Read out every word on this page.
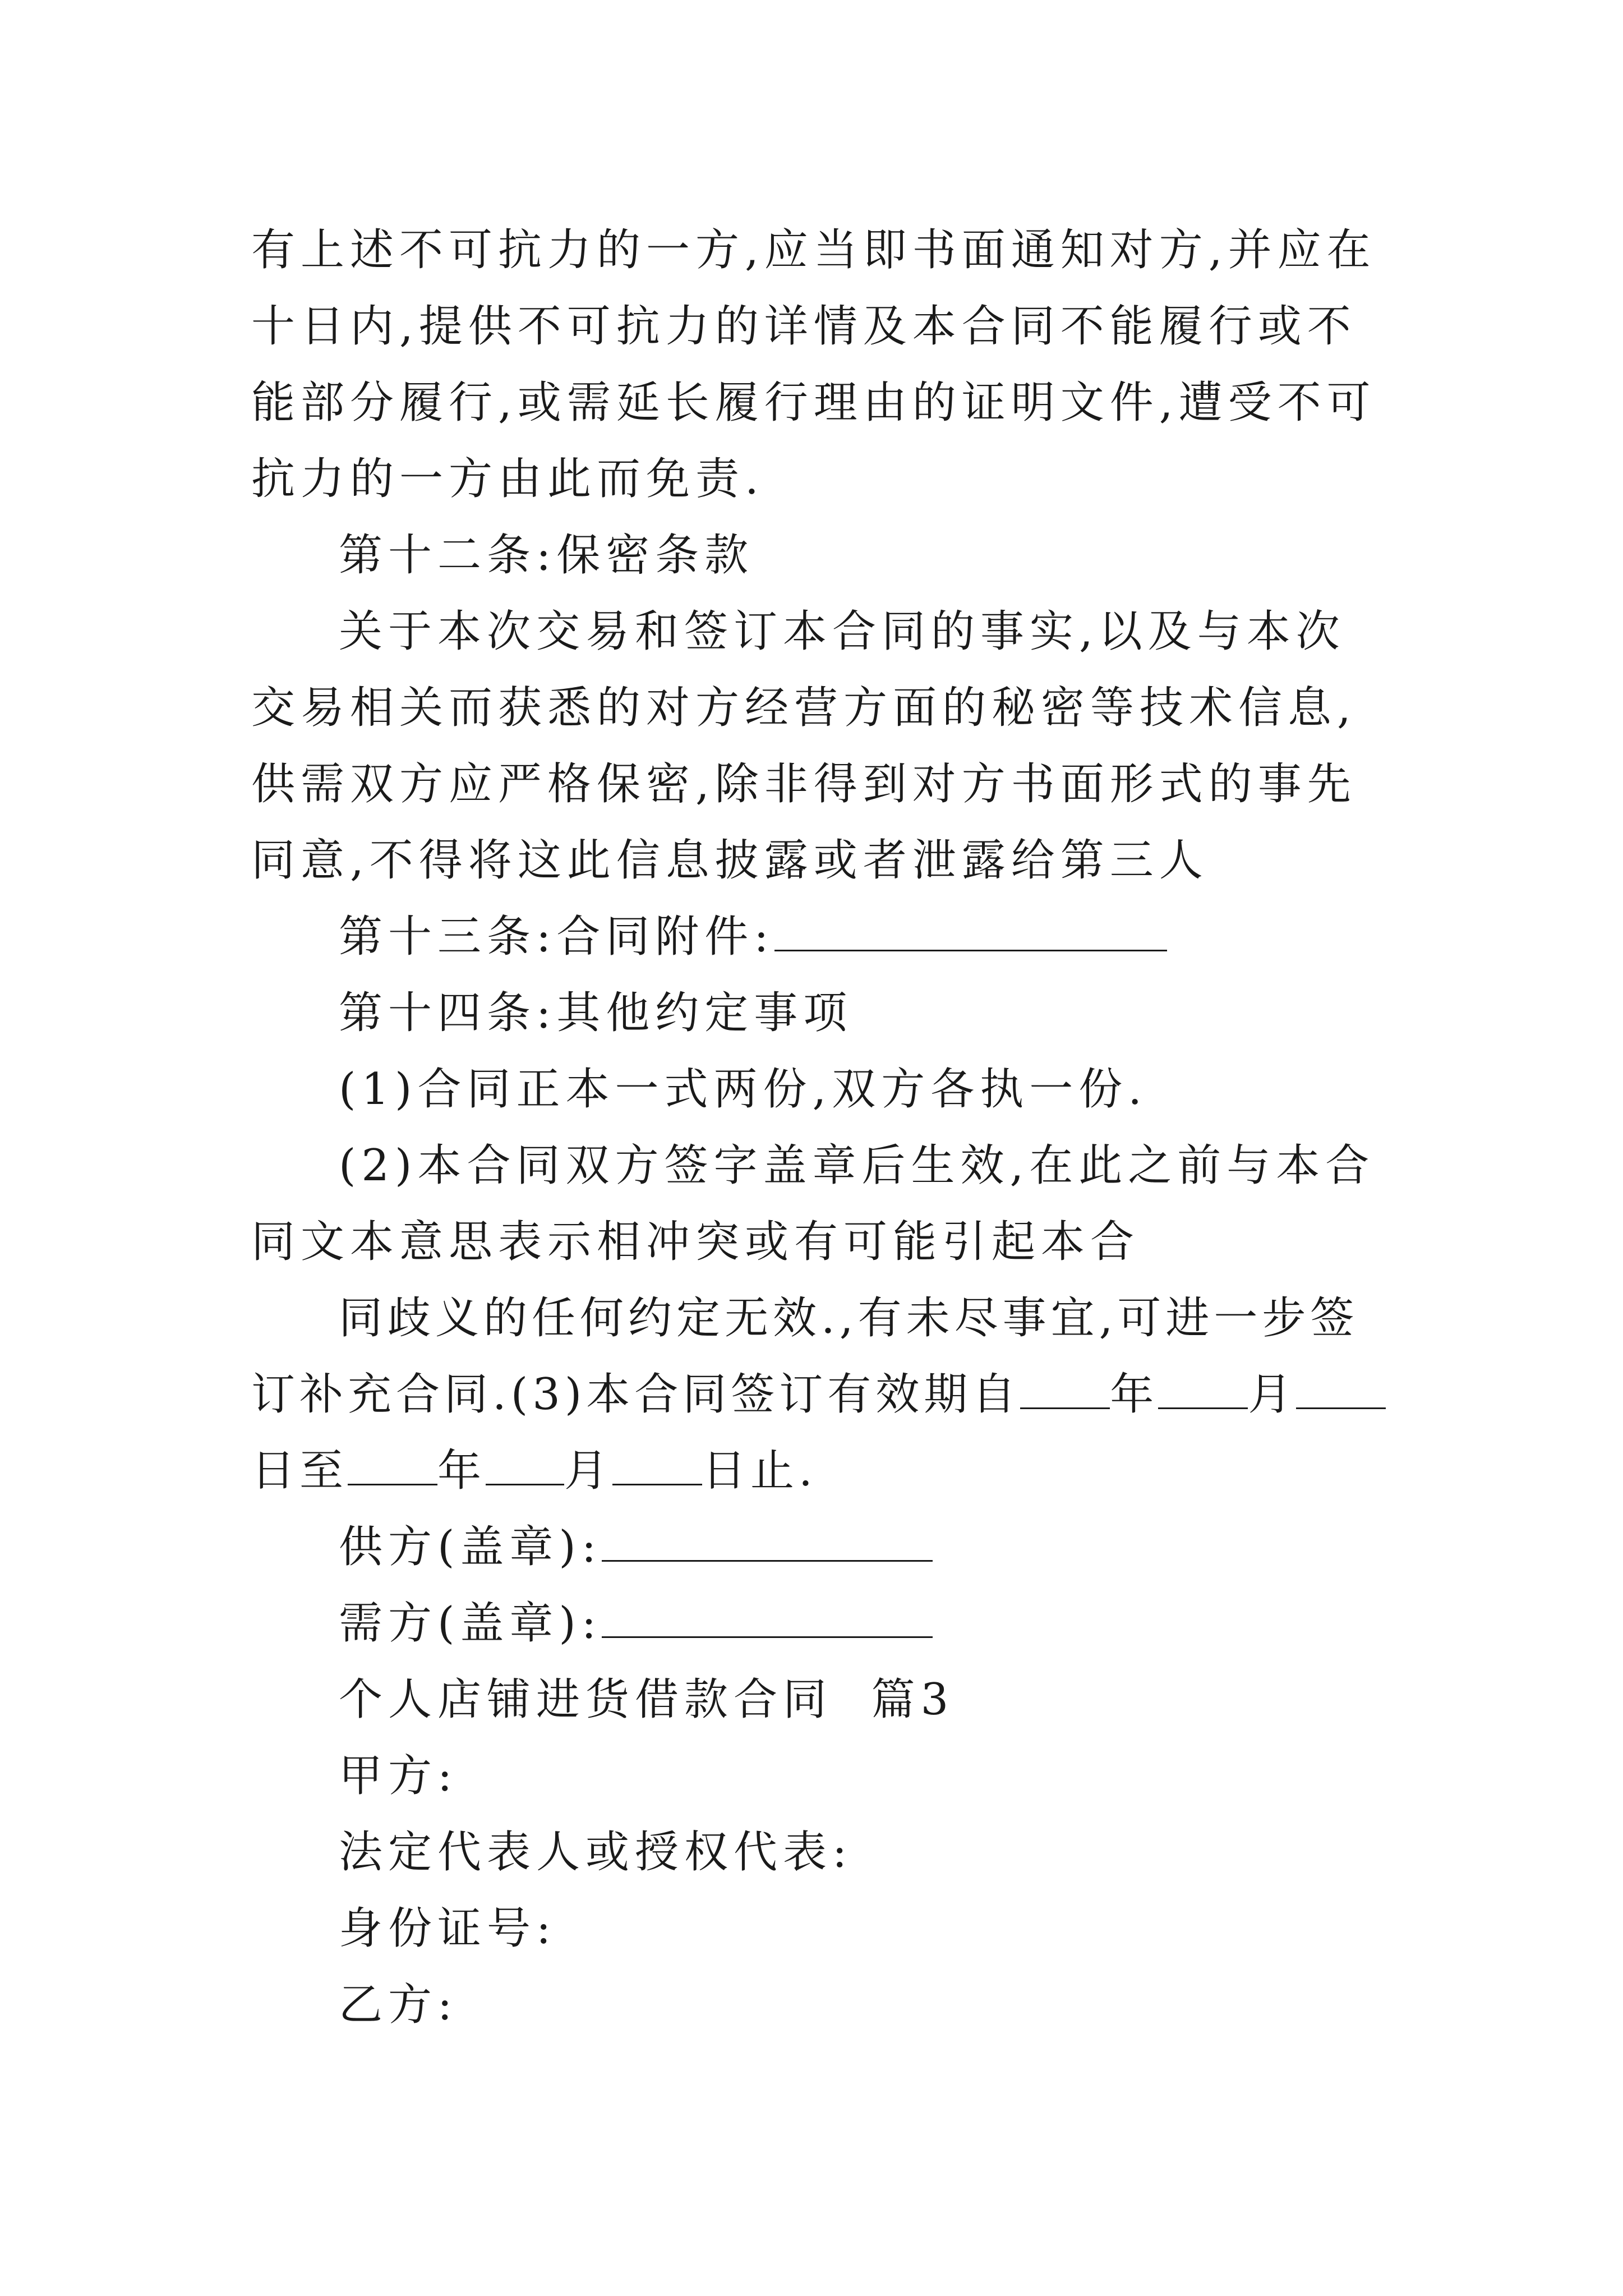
有上述不可抗力的一方,应当即书面通知对方,并应在十日内,提供不可抗力的详情及本合同不能履行或不能部分履行,或需延长履行理由的证明文件,遭受不可抗力的一方由此而免责.

第十二条:保密条款

关于本次交易和签订本合同的事实,以及与本次交易相关而获悉的对方经营方面的秘密等技术信息,供需双方应严格保密,除非得到对方书面形式的事先同意,不得将这此信息披露或者泄露给第三人

第十三条:合同附件:

第十四条:其他约定事项

(1)合同正本一式两份,双方各执一份.

(2)本合同双方签字盖章后生效,在此之前与本合同文本意思表示相冲突或有可能引起本合

同歧义的任何约定无效.,有未尽事宜,可进一步签订补充合同.(3)本合同签订有效期自 年 月日至 年 月 日止.

供方(盖章):

需方(盖章):

个人店铺进货借款合同  篇3

甲方:

法定代表人或授权代表:

身份证号:

乙方:
